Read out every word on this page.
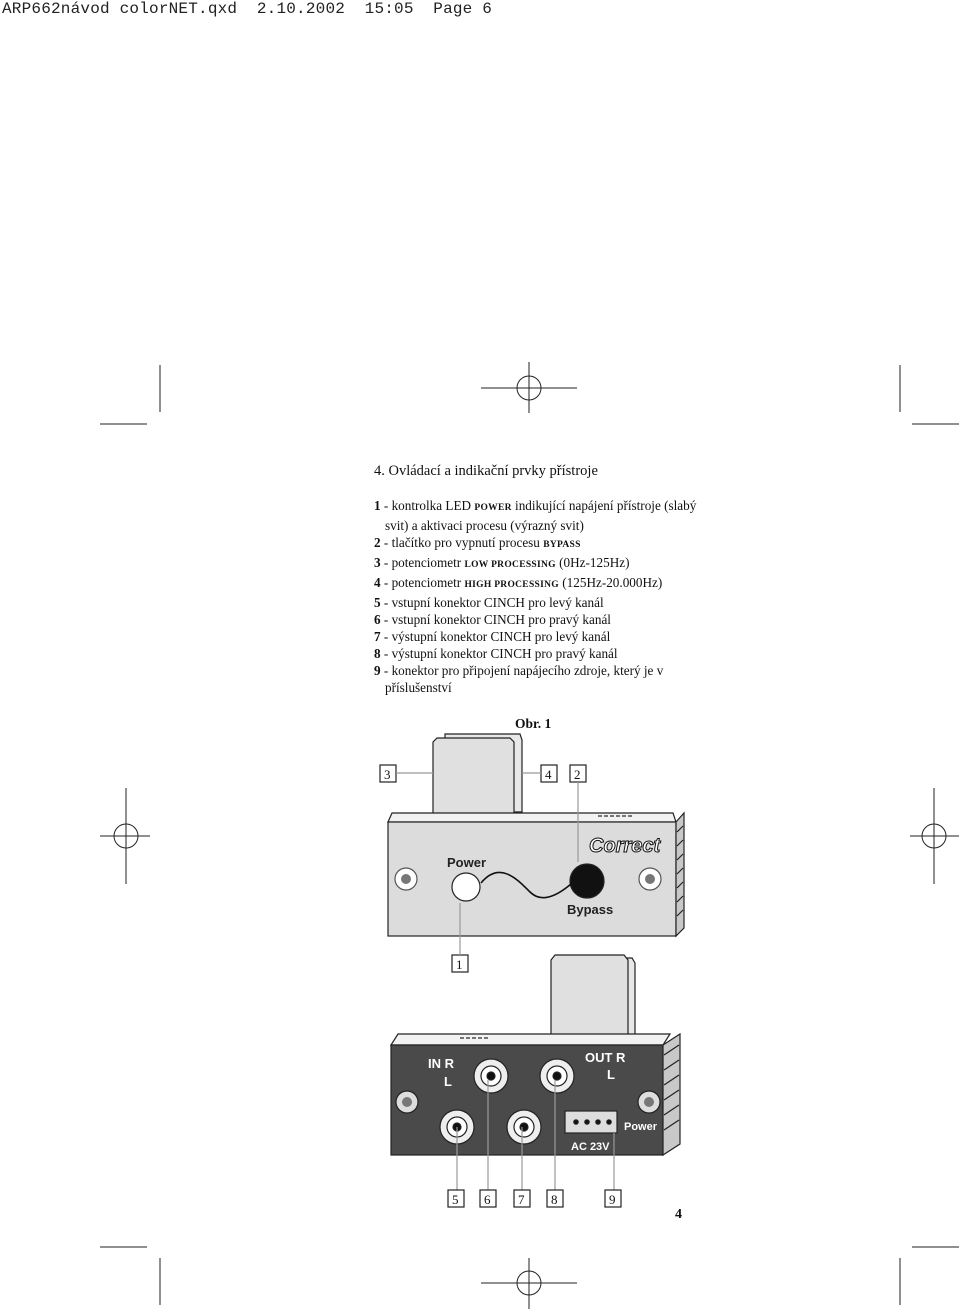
ARP662návod colorNET.qxd  2.10.2002  15:05  Page 6
4. Ovládací a indikační prvky přístroje
1 - kontrolka LED POWER indikující napájení přístroje (slabý svit) a aktivaci procesu (výrazný svit)
2 - tlačítko pro vypnutí procesu BYPASS
3 - potenciometr LOW PROCESSING (0Hz-125Hz)
4 - potenciometr HIGH PROCESSING (125Hz-20.000Hz)
5 - vstupní konektor CINCH pro levý kanál
6 - vstupní konektor CINCH pro pravý kanál
7 - výstupní konektor CINCH pro levý kanál
8 - výstupní konektor CINCH pro pravý kanál
9 - konektor pro připojení napájecího zdroje, který je v příslušenství
Obr. 1
Correct
Power
Bypass
IN R
L
OUT R
L
Power
AC 23V
3	4 2
1
5 6 7 8	9
4
